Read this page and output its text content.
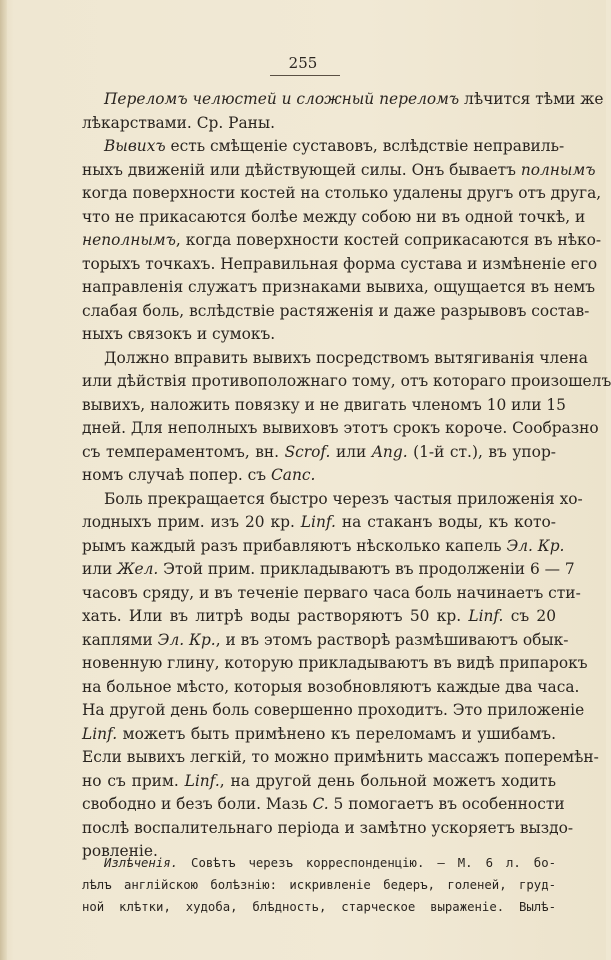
255
Переломъ челюстей и сложный переломъ лѣчится тѣми же
лѣкарствами. Ср. Раны.
Вывихъ есть смѣщеніе суставовъ, вслѣдствіе неправиль-
ныхъ движеній или дѣйствующей силы. Онъ бываетъ полнымъ
когда поверхности костей на столько удалены другъ отъ друга,
что не прикасаются болѣе между собою ни въ одной точкѣ, и
неполнымъ, когда поверхности костей соприкасаются въ нѣко-
торыхъ точкахъ. Неправильная форма сустава и измѣненіе его
направленія служатъ признаками вывиха, ощущается въ немъ
слабая боль, вслѣдствіе растяженія и даже разрывовъ состав-
ныхъ связокъ и сумокъ.
Должно вправить вывихъ посредствомъ вытягиванія члена
или дѣйствія противоположнаго тому, отъ котораго произошелъ
вывихъ, наложить повязку и не двигать членомъ 10 или 15
дней. Для неполныхъ вывиховъ этотъ срокъ короче. Сообразно
съ темпераментомъ, вн. Scrof. или Ang. (1-й ст.), въ упор-
номъ случаѣ попер. съ Canc.
Боль прекращается быстро черезъ частыя приложенія хо-
лодныхъ прим. изъ 20 кр. Linf. на стаканъ воды, къ кото-
рымъ каждый разъ прибавляютъ нѣсколько капель Эл. Кр.
или Жел. Этой прим. прикладываютъ въ продолженіи 6 — 7
часовъ сряду, и въ теченіе перваго часа боль начинаетъ сти-
хать. Или въ литрѣ воды растворяютъ 50 кр. Linf. съ 20
каплями Эл. Кр., и въ этомъ растворѣ размѣшиваютъ обык-
новенную глину, которую прикладываютъ въ видѣ припарокъ
на больное мѣсто, которыя возобновляютъ каждые два часа.
На другой день боль совершенно проходитъ. Это приложеніе
Linf. можетъ быть примѣнено къ переломамъ и ушибамъ.
Если вывихъ легкій, то можно примѣнить массажъ поперемѣн-
но съ прим. Linf., на другой день больной можетъ ходить
свободно и безъ боли. Мазь C. 5 помогаетъ въ особенности
послѣ воспалительнаго періода и замѣтно ускоряетъ выздо-
ровленіе.
Излѣченія. Совѣтъ черезъ корреспонденцію. — М. 6 л. бо-
лѣлъ англійскою болѣзнію: искривленіе бедеръ, голеней, груд-
ной клѣтки, худоба, блѣдность, старческое выраженіе. Вылѣ-
